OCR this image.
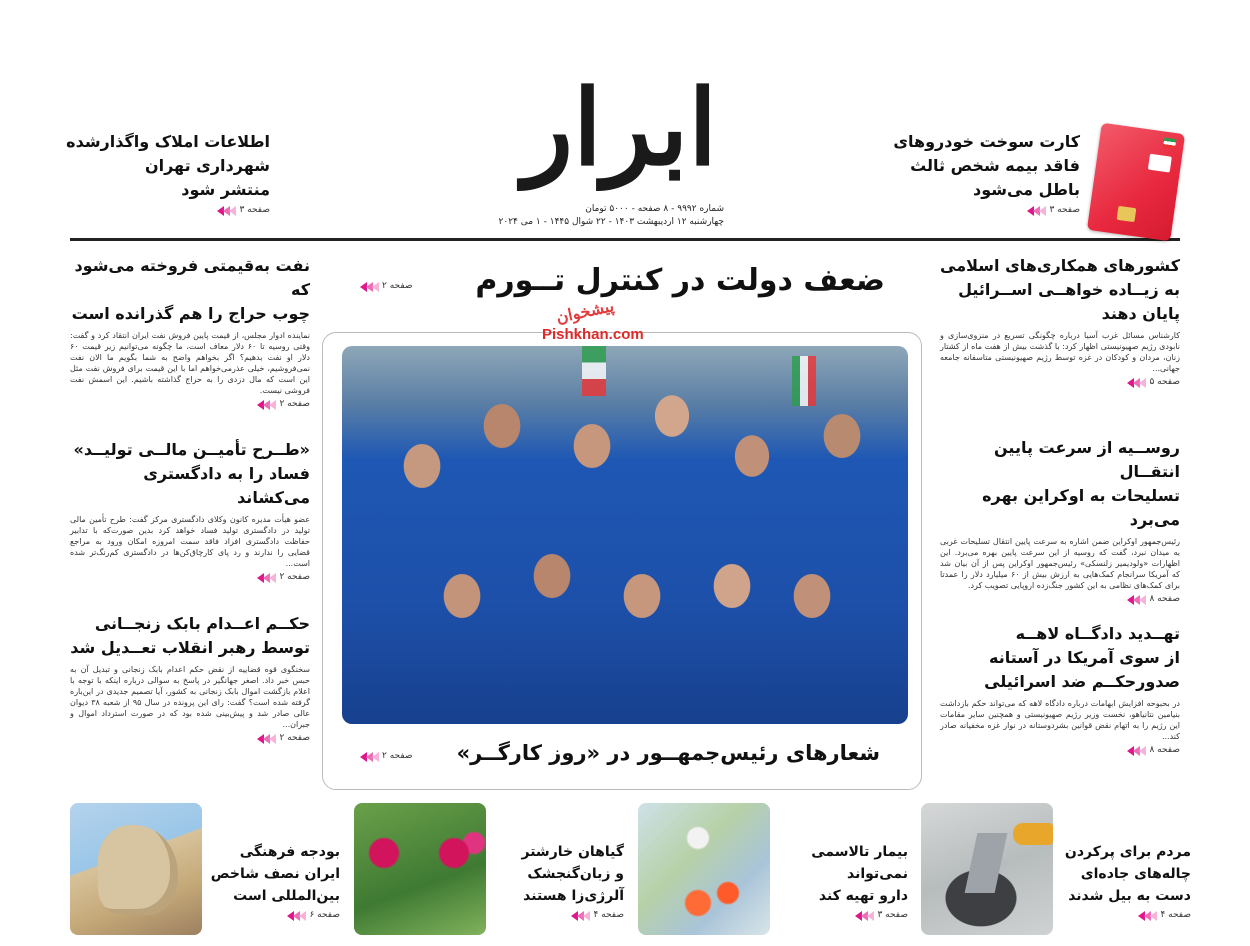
ابرار
شماره ۹۹۹۲ - ۸ صفحه - ۵۰۰۰ تومان
چهارشنبه ۱۲ اردیبهشت ۱۴۰۳ - ۲۲ شوال ۱۴۴۵ - ۱ می ۲۰۲۴
اطلاعات املاک واگذارشده
شهرداری تهران
منتشر شود
صفحه ۳
کارت سوخت خودروهای
فاقد بیمه شخص ثالث
باطل می‌شود
صفحه ۳
ضعف دولت در کنترل تــورم
صفحه ۲
پیشخوان
Pishkhan.com
شعارهای رئیس‌جمهــور در «روز کارگــر»
صفحه ۲
کشورهای همکاری‌های اسلامی
به زیــاده خواهــی اســرائیل
پایان دهند
کارشناس مسائل غرب آسیا درباره چگونگی تسریع در منزوی‌سازی و نابودی رژیم صهیونیستی اظهار کرد: با گذشت بیش از هفت ماه از کشتار زنان، مردان و کودکان در غزه توسط رژیم صهیونیستی متاسفانه جامعه جهانی...
صفحه ۵
روســیه از سرعت پایین انتقــال
تسلیحات به اوکراین بهره می‌برد
رئیس‌جمهور اوکراین ضمن اشاره به سرعت پایین انتقال تسلیحات غربی به میدان نبرد، گفت که روسیه از این سرعت پایین بهره می‌برد. این اظهارات «ولودیمیر زلنسکی» رئیس‌جمهور اوکراین پس از آن بیان شد که آمریکا سرانجام کمک‌هایی به ارزش بیش از ۶۰ میلیارد دلار را عمدتا برای کمک‌های نظامی به این کشور جنگ‌زده اروپایی تصویب کرد.
صفحه ۸
تهــدید دادگــاه لاهــه
از سوی آمریکا در آستانه
صدورحکــم ضد اسرائیلی
در بحبوحه افزایش ابهامات درباره دادگاه لاهه که می‌تواند حکم بازداشت بنیامین نتانیاهو، نخست وزیر رژیم صهیونیستی و همچنین سایر مقامات این رژیم را به اتهام نقض قوانین بشردوستانه در نوار غزه مخفیانه صادر کند...
صفحه ۸
نفت به‌قیمتی فروخته می‌شود که
چوب حراج را هم گذرانده است
نماینده ادوار مجلس، از قیمت پایین فروش نفت ایران انتقاد کرد و گفت: وقتی روسیه تا ۶۰ دلار معاف است، ما چگونه می‌توانیم زیر قیمت ۶۰ دلار او نفت بدهیم؟ اگر بخواهم واضح به شما بگویم ما الان نفت نمی‌فروشیم، خیلی عذرمی‌خواهم اما با این قیمت برای فروش نفت مثل این است که مال دزدی را به حراج گذاشته باشیم. این اسمش نفت فروشی نیست.
صفحه ۲
«طــرح تأمیــن مالــی تولیــد»
فساد را به دادگستری می‌کشاند
عضو هیأت مدیره کانون وکلای دادگستری مرکز گفت: طرح تأمین مالی تولید در دادگستری تولید فساد خواهد کرد بدین صورت‌که با تدابیر حفاظت دادگستری افراد فاقد سمت امروزه امکان ورود به مراجع قضایی را ندارند و رد پای کارچاق‌کن‌ها در دادگستری کم‌رنگ‌تر شده است...
صفحه ۲
حکــم اعــدام بابک زنجــانی
توسط رهبر انقلاب تعــدیل شد
سخنگوی قوه قضاییه از نقض حکم اعدام بابک زنجانی و تبدیل آن به حبس خبر داد. اصغر جهانگیر در پاسخ به سوالی درباره اینکه با توجه با اعلام بازگشت اموال بابک زنجانی به کشور، آیا تصمیم جدیدی در این‌باره گرفته شده است؟ گفت: رای این پرونده در سال ۹۵ از شعبه ۳۸ دیوان عالی صادر شد و پیش‌بینی شده بود که در صورت استرداد اموال و جبران...
صفحه ۲
بودجه فرهنگی
ایران نصف شاخص
بین‌المللی است
صفحه ۶
گیاهان خارشتر
و زبان‌گنجشک
آلرژی‌زا هستند
صفحه ۴
بیمار تالاسمی
نمی‌تواند
دارو تهیه کند
صفحه ۳
مردم برای پرکردن
چاله‌های جاده‌ای
دست به بیل شدند
صفحه ۴
